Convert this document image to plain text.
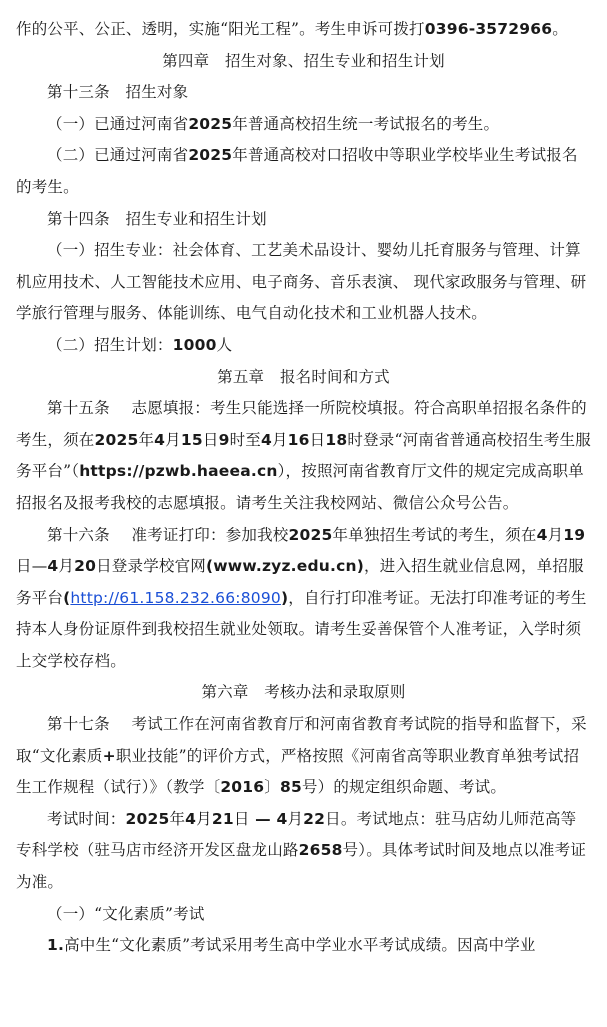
作的公平、公正、透明，实施“阳光工程”。考生申诉可拨打0396-3572966。

第四章　招生对象、招生专业和招生计划

第十三条　招生对象

（一）已通过河南省2025年普通高校招生统一考试报名的考生。

（二）已通过河南省2025年普通高校对口招收中等职业学校毕业生考试报名的考生。

第十四条　招生专业和招生计划

（一）招生专业：社会体育、工艺美术品设计、婴幼儿托育服务与管理、计算机应用技术、人工智能技术应用、电子商务、音乐表演、 现代家政服务与管理、研学旅行管理与服务、体能训练、电气自动化技术和工业机器人技术。

（二）招生计划：1000人

第五章　报名时间和方式

第十五条 志愿填报：考生只能选择一所院校填报。符合高职单招报名条件的考生，须在2025年4月15日9时至4月16日18时登录“河南省普通高校招生考生服务平台”（https://pzwb.haeea.cn），按照河南省教育厅文件的规定完成高职单招报名及报考我校的志愿填报。请考生关注我校网站、微信公众号公告。

第十六条 准考证打印：参加我校2025年单独招生考试的考生，须在4月19日—4月20日登录学校官网(www.zyz.edu.cn)，进入招生就业信息网，单招服务平台(http://61.158.232.66:8090)，自行打印准考证。无法打印准考证的考生持本人身份证原件到我校招生就业处领取。请考生妥善保管个人准考证，入学时须上交学校存档。

第六章　考核办法和录取原则

第十七条 考试工作在河南省教育厅和河南省教育考试院的指导和监督下，采取“文化素质+职业技能”的评价方式，严格按照《河南省高等职业教育单独考试招生工作规程（试行）》（教学〔2016〕85号）的规定组织命题、考试。

考试时间：2025年4月21日 — 4月22日。考试地点：驻马店幼儿师范高等专科学校（驻马店市经济开发区盘龙山路2658号）。具体考试时间及地点以准考证为准。

（一）“文化素质”考试

1.高中生“文化素质”考试采用考生高中学业水平考试成绩。因高中学业
